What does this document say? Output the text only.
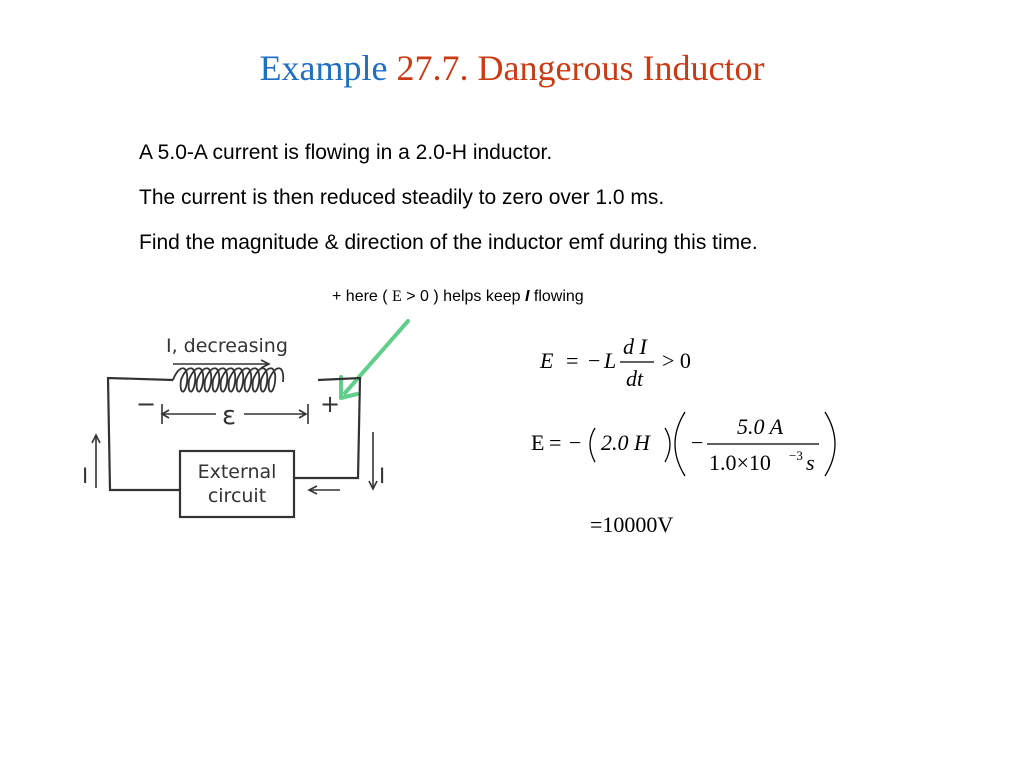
Example 27.7. Dangerous Inductor
A 5.0-A current is flowing in a 2.0-H inductor.
The current is then reduced steadily to zero over 1.0 ms.
Find the magnitude & direction of the inductor emf during this time.
+ here ( E > 0 ) helps keep I flowing
I, decreasing
−	+
ε
External
circuit
I	I
E = − L
d I
dt
> 0
E = − 2.0 H −
5.0 A
1.0×10 −3 s
=10000V
